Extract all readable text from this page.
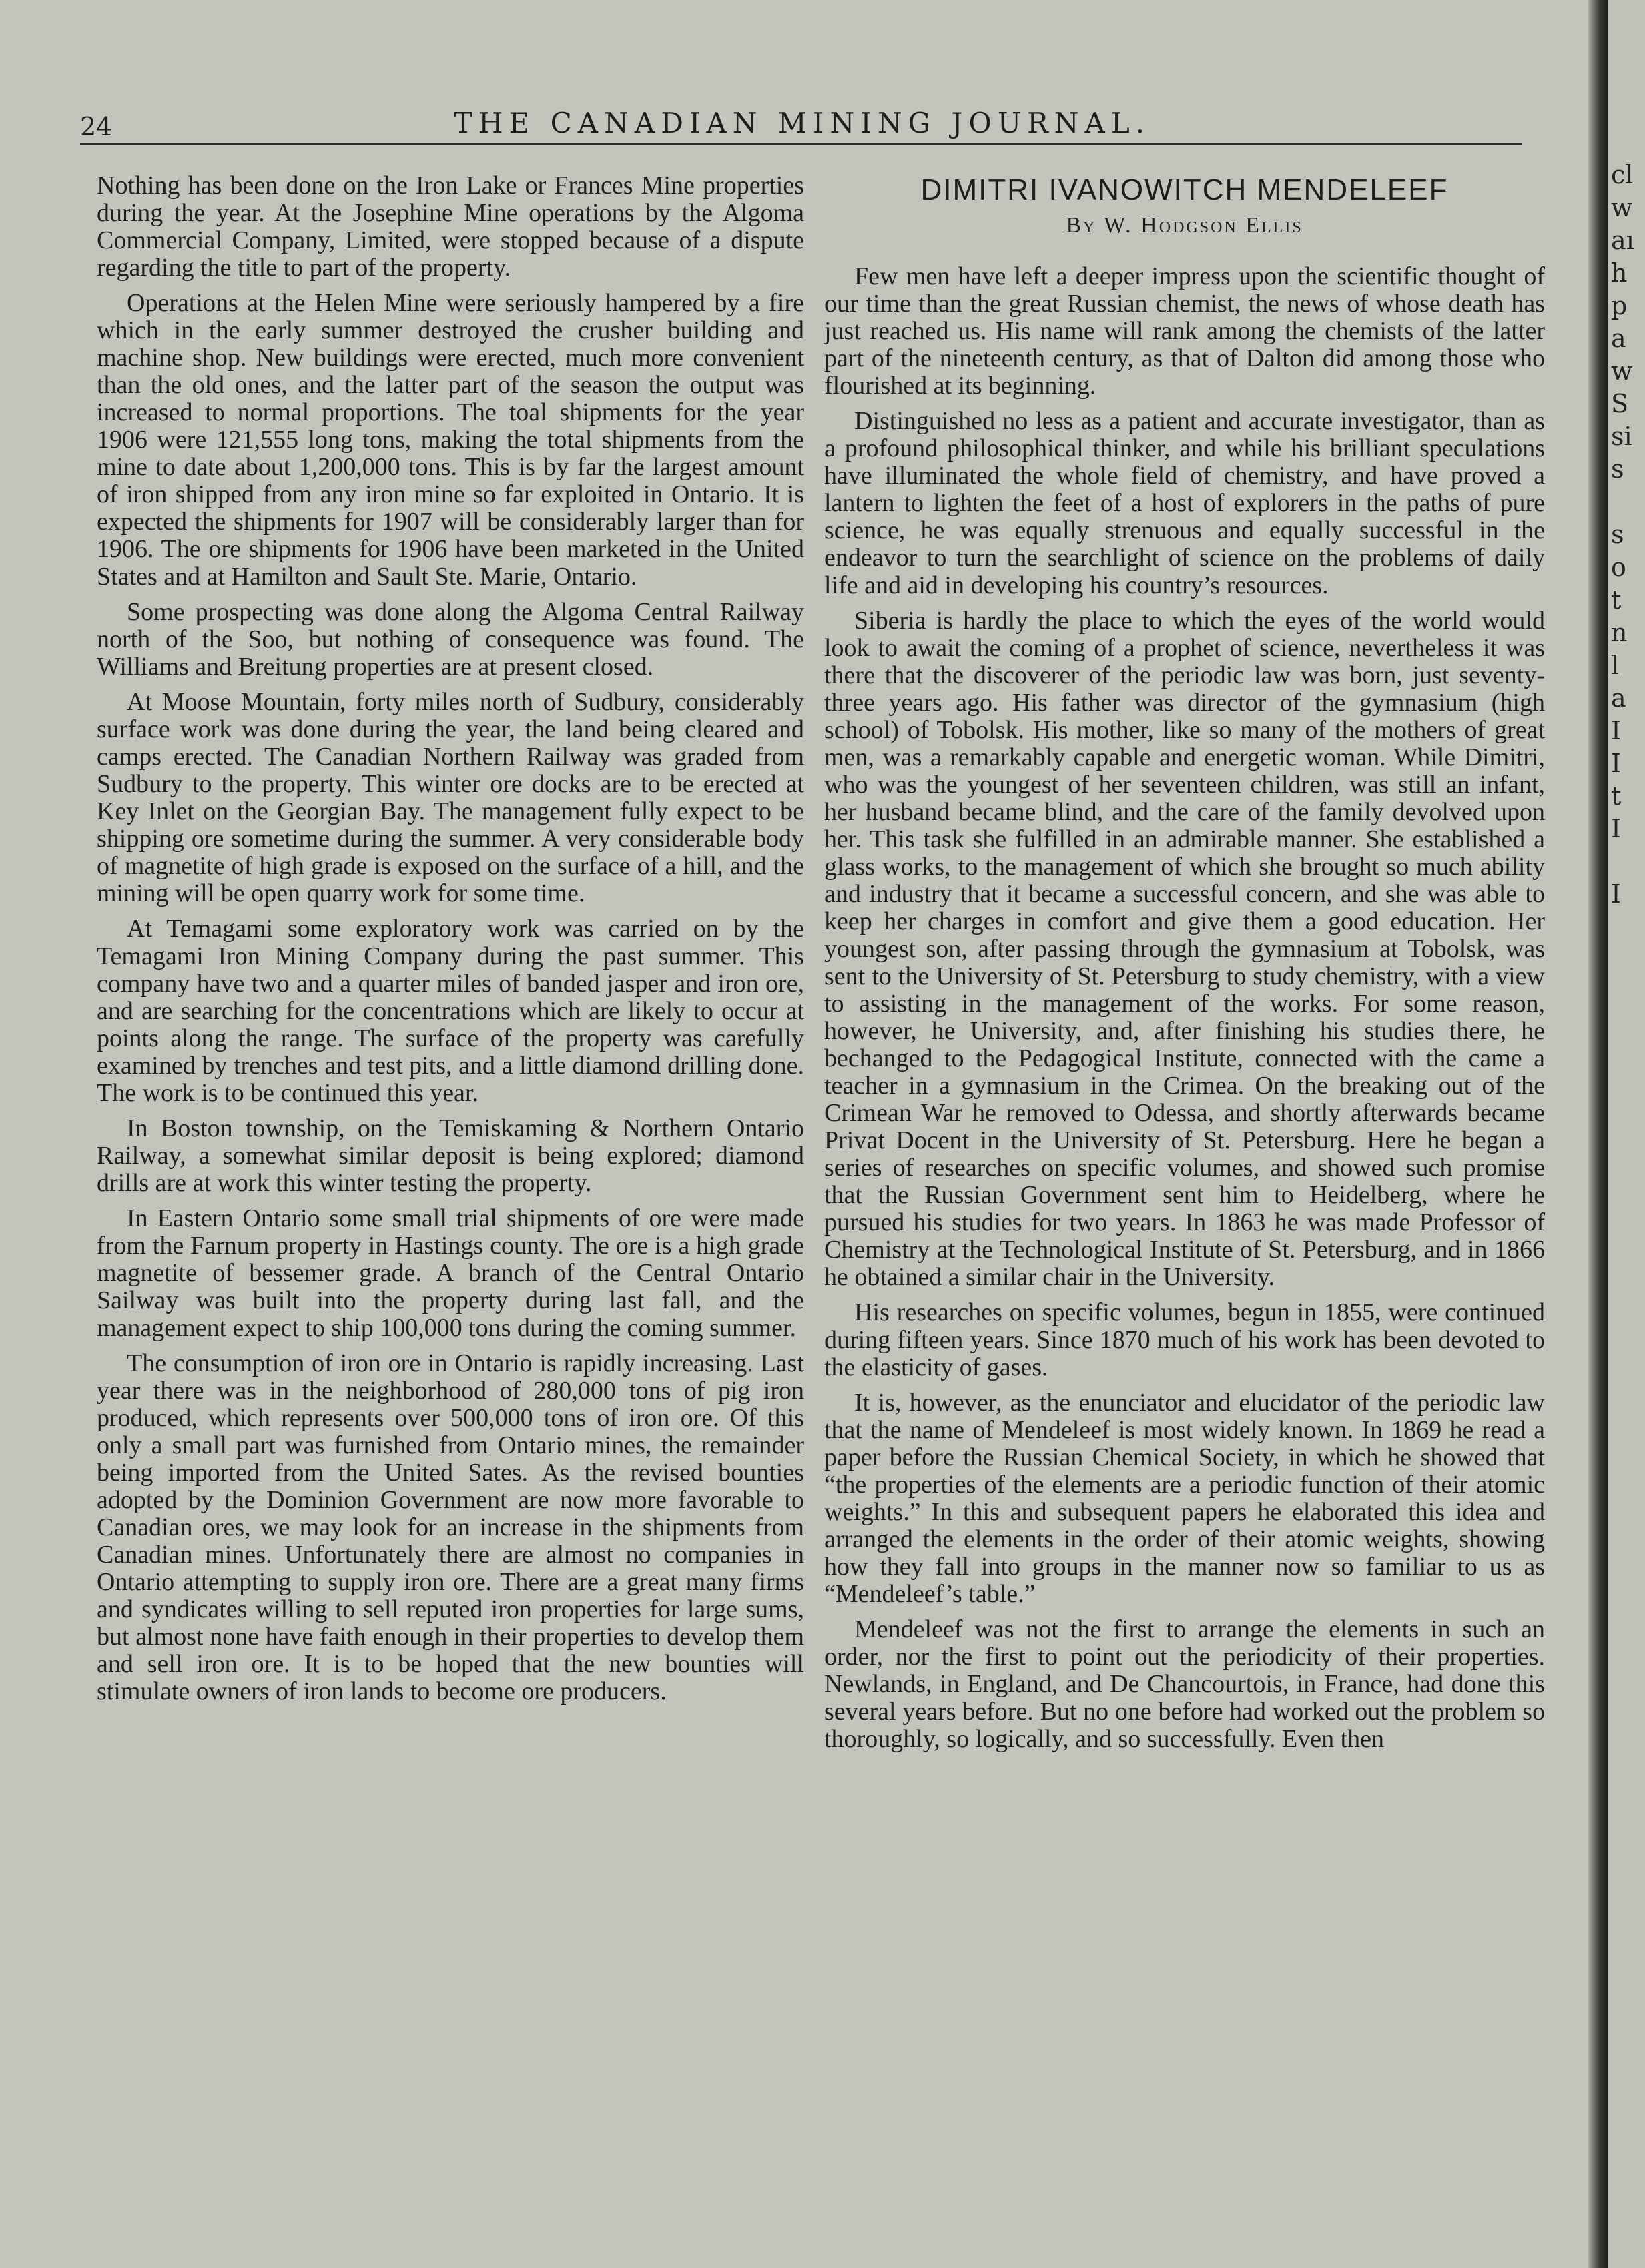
24	THE CANADIAN MINING JOURNAL.

Nothing has been done on the Iron Lake or Frances Mine properties during the year. At the Josephine Mine operations by the Algoma Commercial Company, Limited, were stopped because of a dispute regarding the title to part of the property.

Operations at the Helen Mine were seriously hampered by a fire which in the early summer destroyed the crusher building and machine shop. New buildings were erected, much more convenient than the old ones, and the latter part of the season the output was increased to normal proportions. The toal shipments for the year 1906 were 121,555 long tons, making the total shipments from the mine to date about 1,200,000 tons. This is by far the largest amount of iron shipped from any iron mine so far exploited in Ontario. It is expected the shipments for 1907 will be considerably larger than for 1906. The ore shipments for 1906 have been marketed in the United States and at Hamilton and Sault Ste. Marie, Ontario.

Some prospecting was done along the Algoma Central Railway north of the Soo, but nothing of consequence was found. The Williams and Breitung properties are at present closed.

At Moose Mountain, forty miles north of Sudbury, considerably surface work was done during the year, the land being cleared and camps erected. The Canadian Northern Railway was graded from Sudbury to the property. This winter ore docks are to be erected at Key Inlet on the Georgian Bay. The management fully expect to be shipping ore sometime during the summer. A very considerable body of magnetite of high grade is exposed on the surface of a hill, and the mining will be open quarry work for some time.

At Temagami some exploratory work was carried on by the Temagami Iron Mining Company during the past summer. This company have two and a quarter miles of banded jasper and iron ore, and are searching for the concentrations which are likely to occur at points along the range. The surface of the property was carefully examined by trenches and test pits, and a little diamond drilling done. The work is to be continued this year.

In Boston township, on the Temiskaming & Northern Ontario Railway, a somewhat similar deposit is being explored; diamond drills are at work this winter testing the property.

In Eastern Ontario some small trial shipments of ore were made from the Farnum property in Hastings county. The ore is a high grade magnetite of bessemer grade. A branch of the Central Ontario Sailway was built into the property during last fall, and the management expect to ship 100,000 tons during the coming summer.

The consumption of iron ore in Ontario is rapidly increasing. Last year there was in the neighborhood of 280,000 tons of pig iron produced, which represents over 500,000 tons of iron ore. Of this only a small part was furnished from Ontario mines, the remainder being imported from the United Sates. As the revised bounties adopted by the Dominion Government are now more favorable to Canadian ores, we may look for an increase in the shipments from Canadian mines. Unfortunately there are almost no companies in Ontario attempting to supply iron ore. There are a great many firms and syndicates willing to sell reputed iron properties for large sums, but almost none have faith enough in their properties to develop them and sell iron ore. It is to be hoped that the new bounties will stimulate owners of iron lands to become ore producers.

DIMITRI IVANOWITCH MENDELEEF
By W. Hodgson Ellis

Few men have left a deeper impress upon the scientific thought of our time than the great Russian chemist, the news of whose death has just reached us. His name will rank among the chemists of the latter part of the nineteenth century, as that of Dalton did among those who flourished at its beginning.

Distinguished no less as a patient and accurate investigator, than as a profound philosophical thinker, and while his brilliant speculations have illuminated the whole field of chemistry, and have proved a lantern to lighten the feet of a host of explorers in the paths of pure science, he was equally strenuous and equally successful in the endeavor to turn the searchlight of science on the problems of daily life and aid in developing his country’s resources.

Siberia is hardly the place to which the eyes of the world would look to await the coming of a prophet of science, nevertheless it was there that the discoverer of the periodic law was born, just seventy-three years ago. His father was director of the gymnasium (high school) of Tobolsk. His mother, like so many of the mothers of great men, was a remarkably capable and energetic woman. While Dimitri, who was the youngest of her seventeen children, was still an infant, her husband became blind, and the care of the family devolved upon her. This task she fulfilled in an admirable manner. She established a glass works, to the management of which she brought so much ability and industry that it became a successful concern, and she was able to keep her charges in comfort and give them a good education. Her youngest son, after passing through the gymnasium at Tobolsk, was sent to the University of St. Petersburg to study chemistry, with a view to assisting in the management of the works. For some reason, however, he University, and, after finishing his studies there, he bechanged to the Pedagogical Institute, connected with the came a teacher in a gymnasium in the Crimea. On the breaking out of the Crimean War he removed to Odessa, and shortly afterwards became Privat Docent in the University of St. Petersburg. Here he began a series of researches on specific volumes, and showed such promise that the Russian Government sent him to Heidelberg, where he pursued his studies for two years. In 1863 he was made Professor of Chemistry at the Technological Institute of St. Petersburg, and in 1866 he obtained a similar chair in the University.

His researches on specific volumes, begun in 1855, were continued during fifteen years. Since 1870 much of his work has been devoted to the elasticity of gases.

It is, however, as the enunciator and elucidator of the periodic law that the name of Mendeleef is most widely known. In 1869 he read a paper before the Russian Chemical Society, in which he showed that “the properties of the elements are a periodic function of their atomic weights.” In this and subsequent papers he elaborated this idea and arranged the elements in the order of their atomic weights, showing how they fall into groups in the manner now so familiar to us as “Mendeleef’s table.”

Mendeleef was not the first to arrange the elements in such an order, nor the first to point out the periodicity of their properties. Newlands, in England, and De Chancourtois, in France, had done this several years before. But no one before had worked out the problem so thoroughly, so logically, and so successfully. Even then

cl
w
aı
h
p
a
w
S
si
s
s
o
t
n
l
a
I
I
t
I
I
